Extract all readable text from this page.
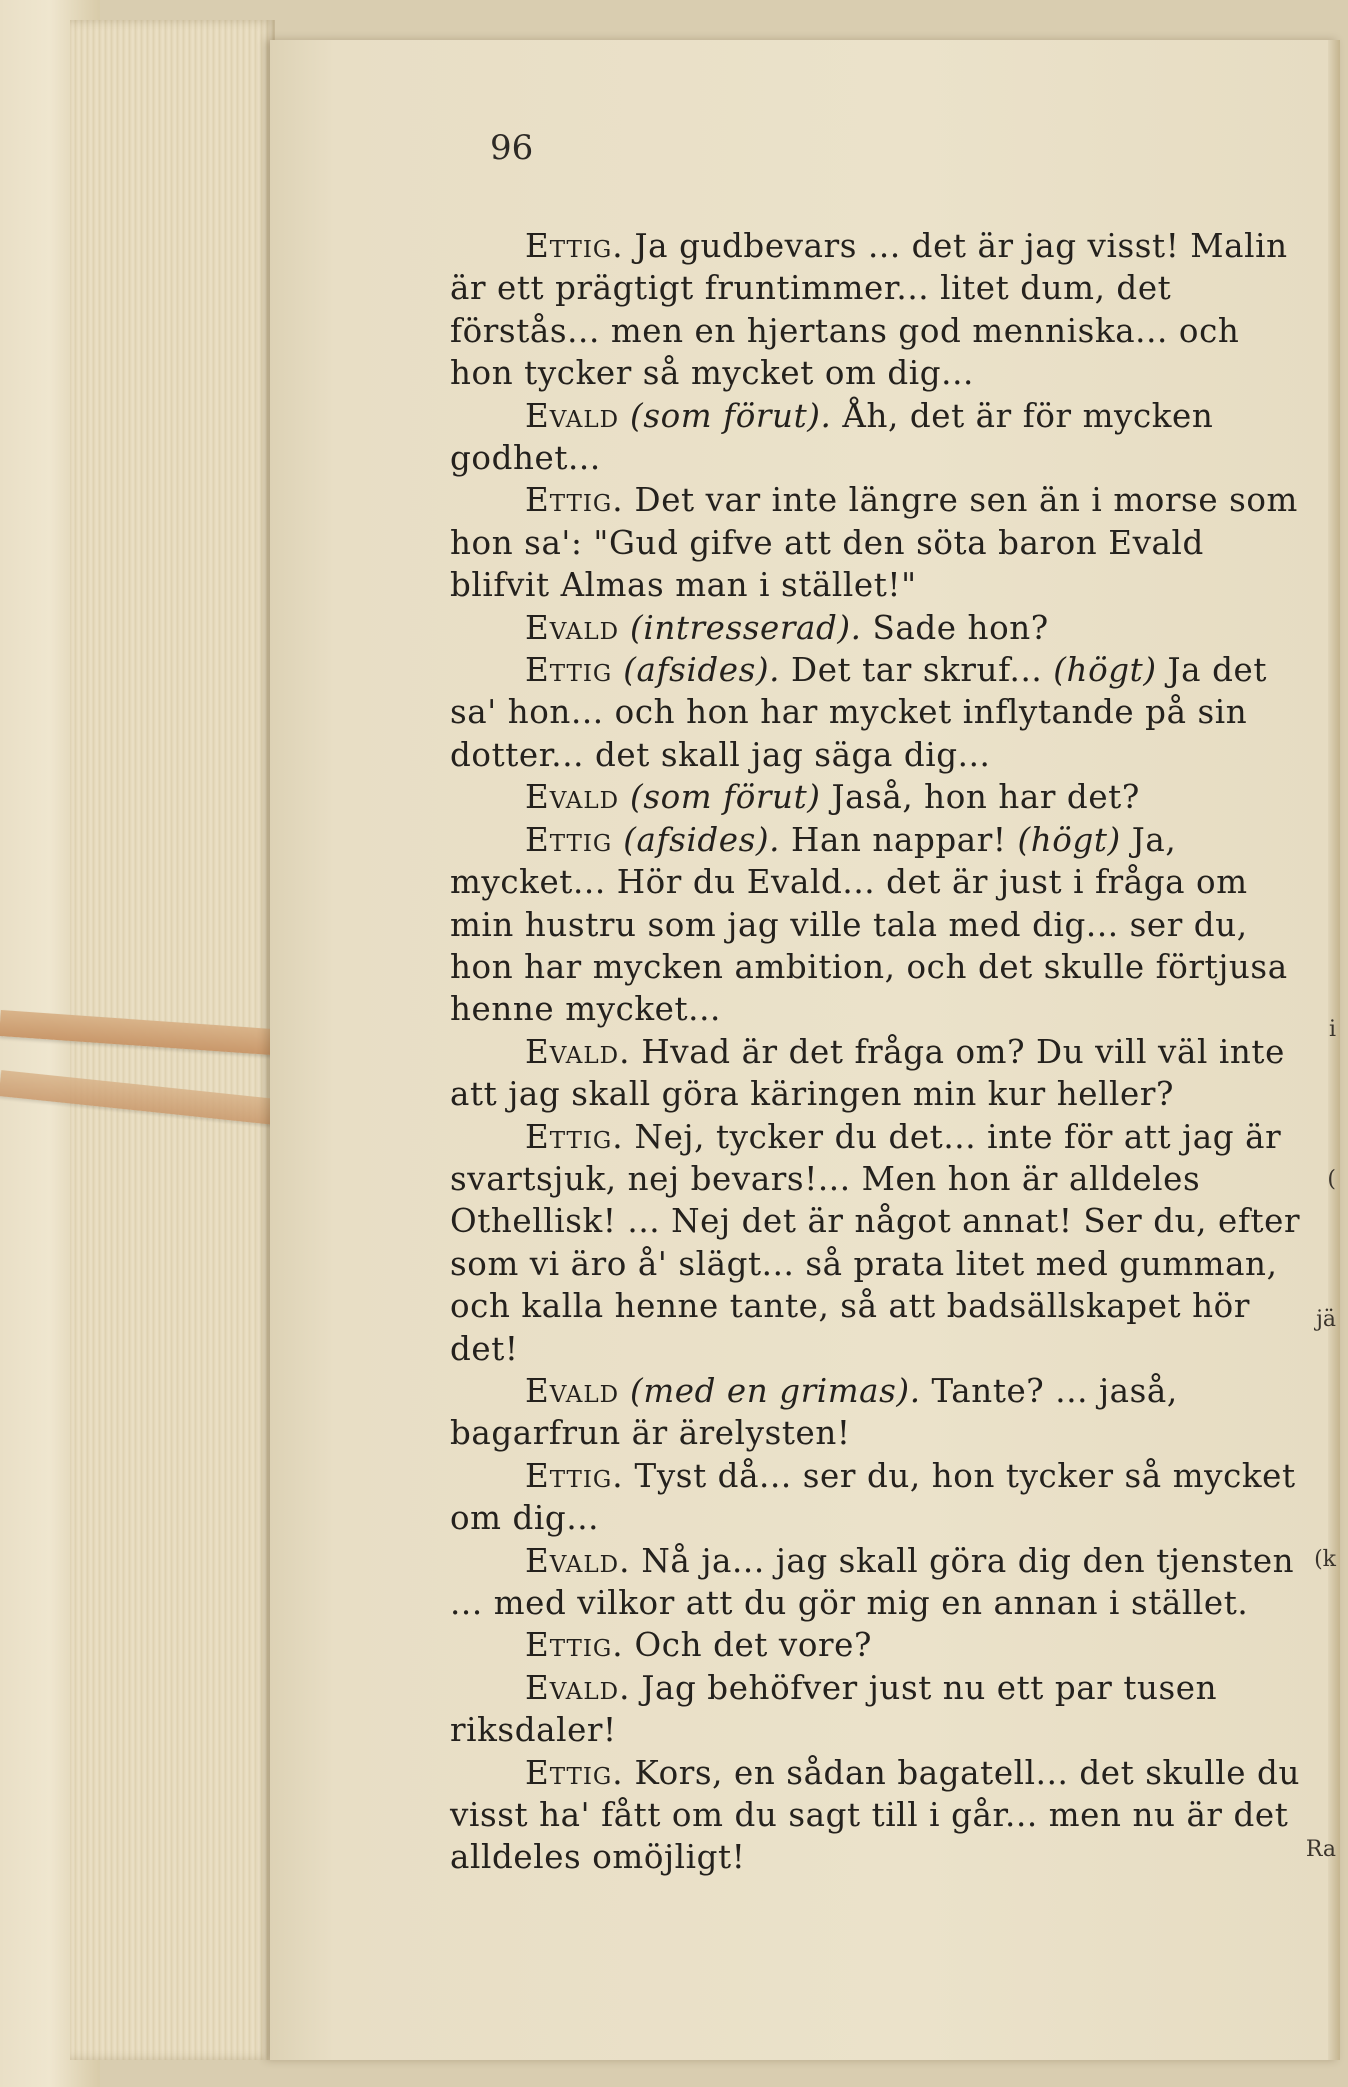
96

Ettig. Ja gudbevars ... det är jag visst! Malin är ett prägtigt fruntimmer... litet dum, det förstås... men en hjertans god menniska... och hon tycker så mycket om dig...

Evald (som förut). Åh, det är för mycken godhet...

Ettig. Det var inte längre sen än i morse som hon sa': "Gud gifve att den söta baron Evald blifvit Almas man i stället!"

Evald (intresserad). Sade hon?

Ettig (afsides). Det tar skruf... (högt) Ja det sa' hon... och hon har mycket inflytande på sin dotter... det skall jag säga dig...

Evald (som förut) Jaså, hon har det?

Ettig (afsides). Han nappar! (högt) Ja, mycket... Hör du Evald... det är just i fråga om min hustru som jag ville tala med dig... ser du, hon har mycken ambition, och det skulle förtjusa henne mycket...

Evald. Hvad är det fråga om? Du vill väl inte att jag skall göra käringen min kur heller?

Ettig. Nej, tycker du det... inte för att jag är svartsjuk, nej bevars!... Men hon är alldeles Othellisk! ... Nej det är något annat! Ser du, efter som vi äro å' slägt... så prata litet med gumman, och kalla henne tante, så att badsällskapet hör det!

Evald (med en grimas). Tante? ... jaså, bagarfrun är ärelysten!

Ettig. Tyst då... ser du, hon tycker så mycket om dig...

Evald. Nå ja... jag skall göra dig den tjensten ... med vilkor att du gör mig en annan i stället.

Ettig. Och det vore?

Evald. Jag behöfver just nu ett par tusen riksdaler!

Ettig. Kors, en sådan bagatell... det skulle du visst ha' fått om du sagt till i går... men nu är det alldeles omöjligt!

i
(
jä
(k
Ra
